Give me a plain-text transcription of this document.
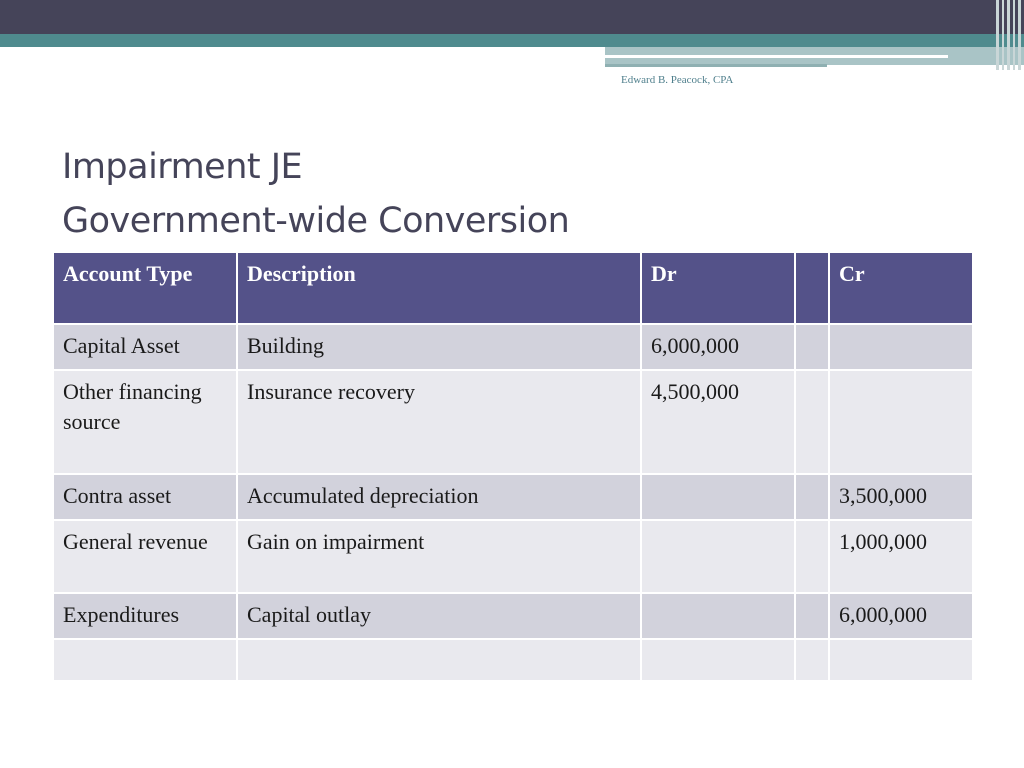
Edward B. Peacock, CPA
Impairment JE
Government-wide Conversion
Account Type	Description	Dr		Cr
Capital Asset	Building	6,000,000		
Other financing source	Insurance recovery	4,500,000		
Contra asset	Accumulated depreciation			3,500,000
General revenue	Gain on impairment			1,000,000
Expenditures	Capital outlay			6,000,000
